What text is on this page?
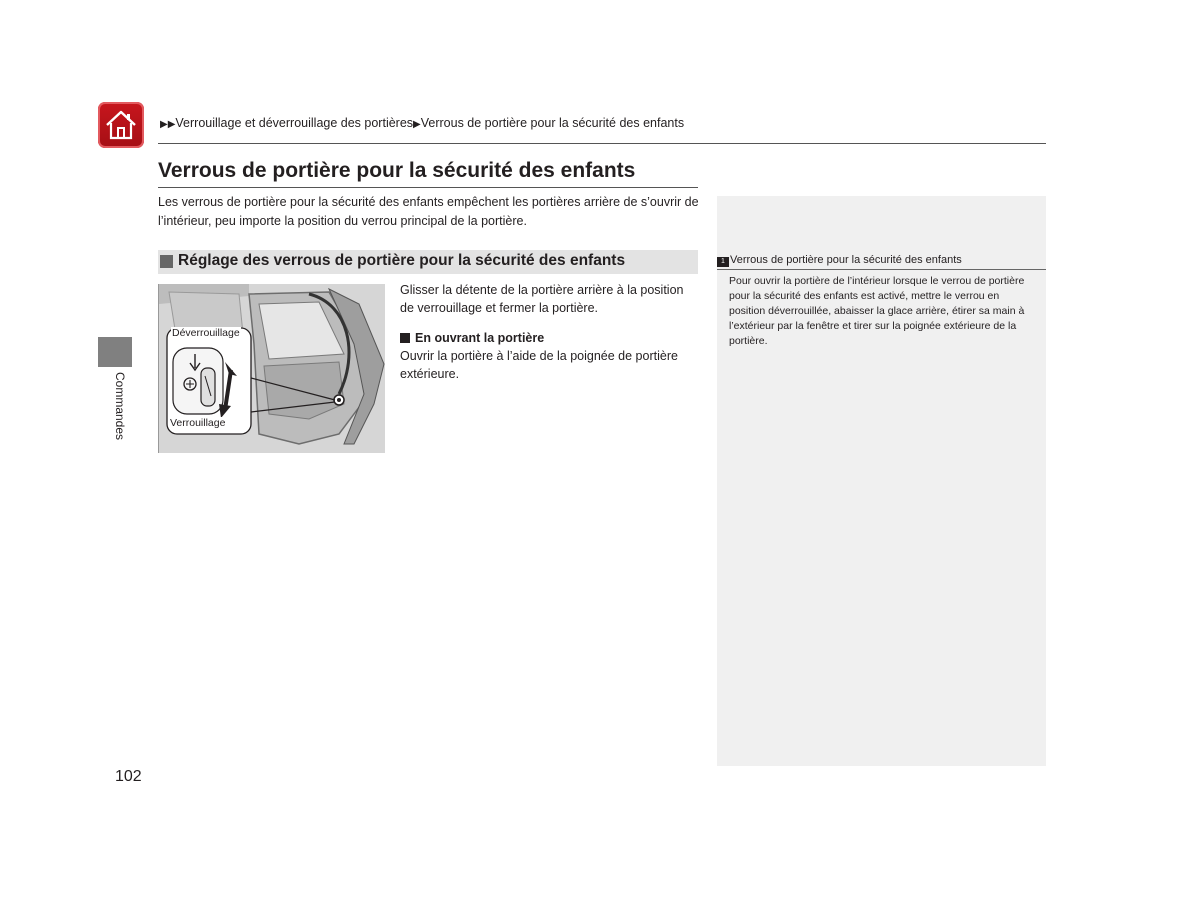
▶▶Verrouillage et déverrouillage des portières▶Verrous de portière pour la sécurité des enfants
Verrous de portière pour la sécurité des enfants
Les verrous de portière pour la sécurité des enfants empêchent les portières arrière de s’ouvrir de l’intérieur, peu importe la position du verrou principal de la portière.
Réglage des verrous de portière pour la sécurité des enfants
Déverrouillage
Verrouillage
Glisser la détente de la portière arrière à la position de verrouillage et fermer la portière.
En ouvrant la portière
Ouvrir la portière à l’aide de la poignée de portière extérieure.
1 Verrous de portière pour la sécurité des enfants
Pour ouvrir la portière de l’intérieur lorsque le verrou de portière pour la sécurité des enfants est activé, mettre le verrou en position déverrouillée, abaisser la glace arrière, étirer sa main à l’extérieur par la fenêtre et tirer sur la poignée extérieure de la portière.
Commandes
102
